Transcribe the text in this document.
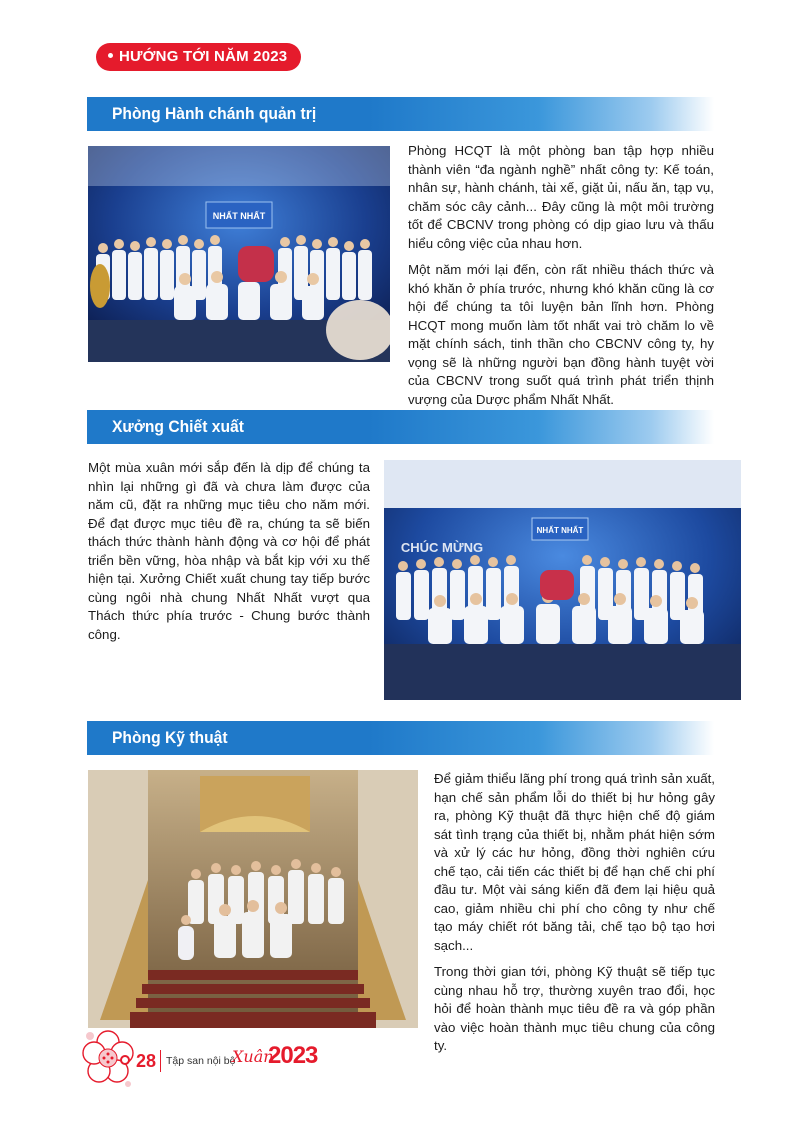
HƯỚNG TỚI NĂM 2023
Phòng Hành chánh quản trị
NHẤT NHẤT

Phòng HCQT là một phòng ban tập hợp nhiều thành viên “đa ngành nghề” nhất công ty: Kế toán, nhân sự, hành chánh, tài xế, giặt ủi, nấu ăn, tạp vụ, chăm sóc cây cảnh... Đây cũng là một môi trường tốt để CBCNV trong phòng có dịp giao lưu và thấu hiểu công việc của nhau hơn.

Một năm mới lại đến, còn rất nhiều thách thức và khó khăn ở phía trước, nhưng khó khăn cũng là cơ hội để chúng ta tôi luyện bản lĩnh hơn. Phòng HCQT mong muốn làm tốt nhất vai trò chăm lo về mặt chính sách, tinh thần cho CBCNV công ty, hy vọng sẽ là những người bạn đồng hành tuyệt vời của CBCNV trong suốt quá trình phát triển thịnh vượng của Dược phẩm Nhất Nhất.

Xưởng Chiết xuất

Một mùa xuân mới sắp đến là dịp để chúng ta nhìn lại những gì đã và chưa làm được của năm cũ, đặt ra những mục tiêu cho năm mới. Để đạt được mục tiêu đề ra, chúng ta sẽ biến thách thức thành hành động và cơ hội để phát triển bền vững, hòa nhập và bắt kịp với xu thế hiện tại. Xưởng Chiết xuất chung tay tiếp bước cùng ngôi nhà chung Nhất Nhất vượt qua Thách thức phía trước - Chung bước thành công.

NHẤT NHẤT
CHÚC MỪNG
Phòng Kỹ thuật

Để giảm thiểu lãng phí trong quá trình sản xuất, hạn chế sản phẩm lỗi do thiết bị hư hỏng gây ra, phòng Kỹ thuật đã thực hiện chế độ giám sát tình trạng của thiết bị, nhằm phát hiện sớm và xử lý các hư hỏng, đồng thời nghiên cứu chế tạo, cải tiến các thiết bị để hạn chế chi phí đầu tư. Một vài sáng kiến đã đem lại hiệu quả cao, giảm nhiều chi phí cho công ty như chế tạo máy chiết rót băng tải, chế tạo bộ tạo hơi sạch...

Trong thời gian tới, phòng Kỹ thuật sẽ tiếp tục cùng nhau hỗ trợ, thường xuyên trao đổi, học hỏi để hoàn thành mục tiêu đề ra và góp phần vào việc hoàn thành mục tiêu chung của công ty.

28 Tập san nội bộ
Xuân
2023
